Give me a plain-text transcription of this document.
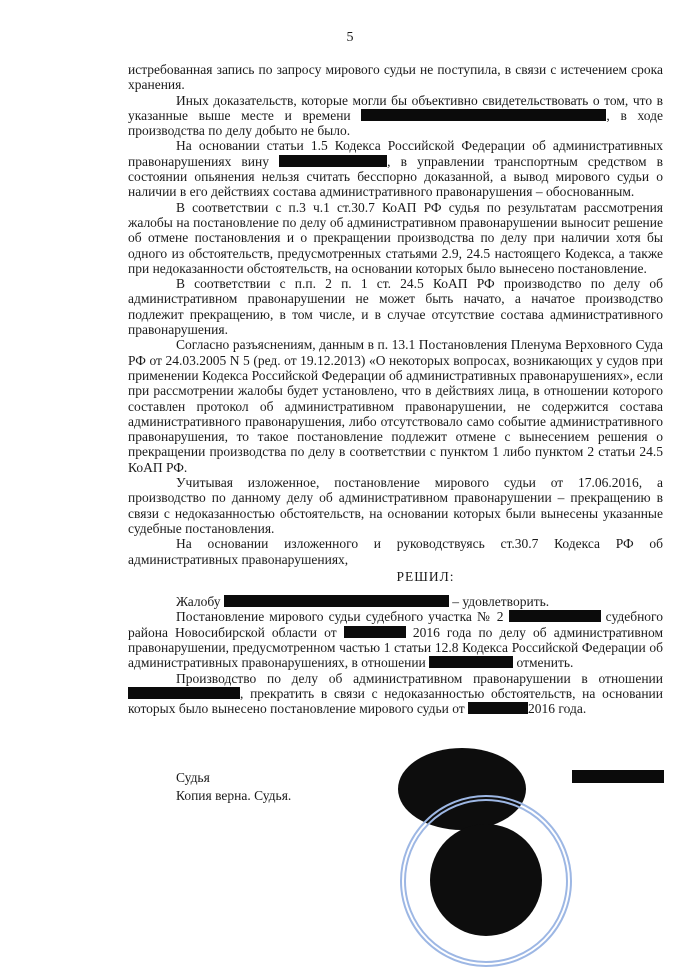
5

истребованная запись по запросу мирового судьи не поступила, в связи с истечением срока хранения.

Иных доказательств, которые могли бы объективно свидетельствовать о том, что в указанные выше месте и времени	, в ходе производства по делу добыто не было.

На основании статьи 1.5 Кодекса Российской Федерации об административных правонарушениях вину	, в управлении транспортным средством в состоянии опьянения нельзя считать бесспорно доказанной, а вывод мирового судьи о наличии в его действиях состава административного правонарушения – обоснованным.

В соответствии с п.3 ч.1 ст.30.7 КоАП РФ судья по результатам рассмотрения жалобы на постановление по делу об административном правонарушении выносит решение об отмене постановления и о прекращении производства по делу при наличии хотя бы одного из обстоятельств, предусмотренных статьями 2.9, 24.5 настоящего Кодекса, а также при недоказанности обстоятельств, на основании которых было вынесено постановление.

В соответствии с п.п. 2 п. 1 ст. 24.5 КоАП РФ производство по делу об административном правонарушении не может быть начато, а начатое производство подлежит прекращению, в том числе, и в случае отсутствие состава административного правонарушения.

Согласно разъяснениям, данным в п. 13.1 Постановления Пленума Верховного Суда РФ от 24.03.2005 N 5 (ред. от 19.12.2013) «О некоторых вопросах, возникающих у судов при применении Кодекса Российской Федерации об административных правонарушениях», если при рассмотрении жалобы будет установлено, что в действиях лица, в отношении которого составлен протокол об административном правонарушении, не содержится состава административного правонарушения, либо отсутствовало само событие административного правонарушения, то такое постановление подлежит отмене с вынесением решения о прекращении производства по делу в соответствии с пунктом 1 либо пунктом 2 статьи 24.5 КоАП РФ.

Учитывая изложенное, постановление мирового судьи от 17.06.2016, а производство по данному делу об административном правонарушении – прекращению в связи с недоказанностью обстоятельств, на основании которых были вынесены указанные судебные постановления.

На основании изложенного и руководствуясь ст.30.7 Кодекса РФ об административных правонарушениях,

РЕШИЛ:

Жалобу	– удовлетворить.

Постановление мирового судьи судебного участка № 2	судебного района Новосибирской области от	2016 года по делу об административном правонарушении, предусмотренном частью 1 статьи 12.8 Кодекса Российской Федерации об административных правонарушениях, в отношении	отменить.

Производство по делу об административном правонарушении в отношении , прекратить в связи с недоказанностью обстоятельств, на основании которых было вынесено постановление мирового судьи от	2016 года.

Судья
Копия верна. Судья.
